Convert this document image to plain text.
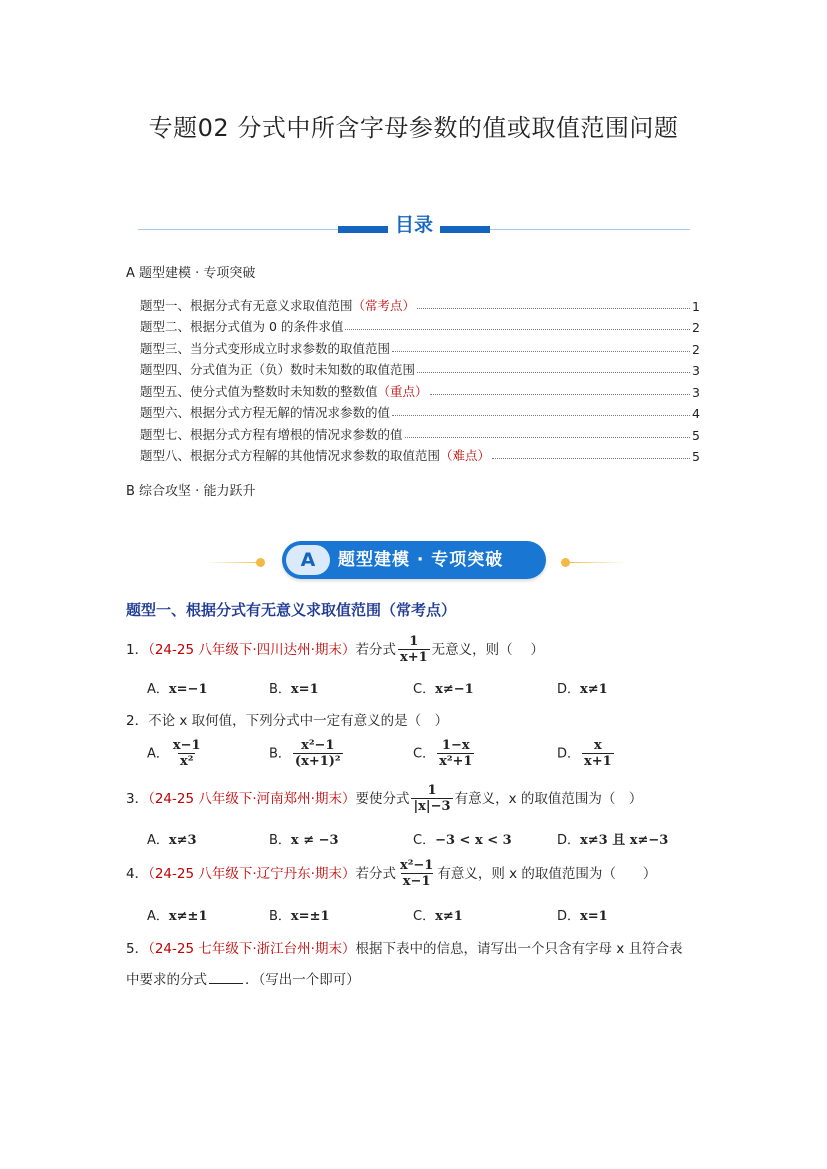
专题02 分式中所含字母参数的值或取值范围问题
目录
A 题型建模 · 专项突破
题型一、根据分式有无意义求取值范围 （常考点）	1
题型二、根据分式值为 0 的条件求值	2
题型三、当分式变形成立时求参数的取值范围	2
题型四、分式值为正（负）数时未知数的取值范围	3
题型五、使分式值为整数时未知数的整数值 （重点）	3
题型六、根据分式方程无解的情况求参数的值	4
题型七、根据分式方程有增根的情况求参数的值	5
题型八、根据分式方程解的其他情况求参数的取值范围 （难点）	5
B 综合攻坚 · 能力跃升
A	题型建模 · 专项突破
题型一、根据分式有无意义求取值范围（常考点）
1．（24-25 八年级下·四川达州·期末）若分式 $\frac{1}{x+1}$ 无意义，则（　 ）
A．x=−1	B．x=1	C．x≠−1	D．x≠1
2．不论 x 取何值，下列分式中一定有意义的是（　）
A． $\frac{x-1}{\text{x²}}$	B． $\frac{\text{x²−1}}{\text{(x+1)²}}$	C． $\frac{1-x}{\text{x²+1}}$	D． $\frac{x}{x+1}$
3．（24-25 八年级下·河南郑州·期末）要使分式 $\frac{1}{|x|-3}$ 有意义，x 的取值范围为（　）
A．x≠3	B．x ≠ −3	C．−3 < x < 3	D．x≠3 且 x≠−3
4．（24-25 八年级下·辽宁丹东·期末）若分式 $\frac{\text{x²−1}}{x-1}$ 有意义，则 x 的取值范围为（　　）
A．x≠±1	B．x=±1	C．x≠1	D．x=1
5．（24-25 七年级下·浙江台州·期末）根据下表中的信息，请写出一个只含有字母 x 且符合表
中要求的分式	．（写出一个即可）
